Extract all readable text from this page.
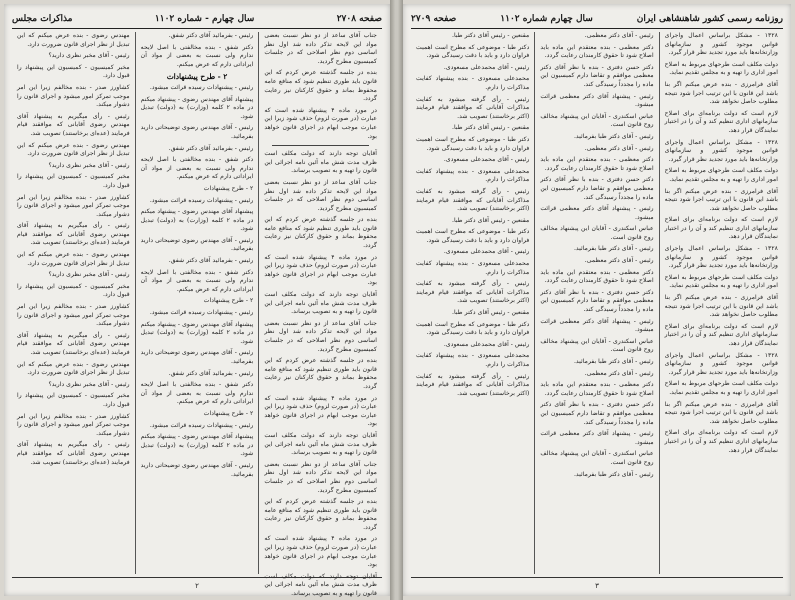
صفحه ۲۷۰۸
سال چهارم - شماره ۱۱۰۲
مذاکرات مجلس

جناب آقای ساعد از دو نظر نسبت بعضی مواد این لایحه تذکر داده شد اول نظر اساسی دوم نظر اصلاحی که در جلسات کمیسیون مطرح گردید.

بنده در جلسه گذشته عرض کردم که این قانون باید طوری تنظیم شود که منافع عامه محفوظ بماند و حقوق کارکنان نیز رعایت گردد.

در مورد ماده ۴ پیشنهاد شده است که عبارت (در صورت لزوم) حذف شود زیرا این عبارت موجب ابهام در اجرای قانون خواهد بود.

آقایان توجه دارند که دولت مکلف است ظرف مدت شش ماه آئین نامه اجرائی این قانون را تهیه و به تصویب برساند.

جناب آقای ساعد از دو نظر نسبت بعضی مواد این لایحه تذکر داده شد اول نظر اساسی دوم نظر اصلاحی که در جلسات کمیسیون مطرح گردید.

بنده در جلسه گذشته عرض کردم که این قانون باید طوری تنظیم شود که منافع عامه محفوظ بماند و حقوق کارکنان نیز رعایت گردد.

در مورد ماده ۴ پیشنهاد شده است که عبارت (در صورت لزوم) حذف شود زیرا این عبارت موجب ابهام در اجرای قانون خواهد بود.

آقایان توجه دارند که دولت مکلف است ظرف مدت شش ماه آئین نامه اجرائی این قانون را تهیه و به تصویب برساند.

جناب آقای ساعد از دو نظر نسبت بعضی مواد این لایحه تذکر داده شد اول نظر اساسی دوم نظر اصلاحی که در جلسات کمیسیون مطرح گردید.

بنده در جلسه گذشته عرض کردم که این قانون باید طوری تنظیم شود که منافع عامه محفوظ بماند و حقوق کارکنان نیز رعایت گردد.

در مورد ماده ۴ پیشنهاد شده است که عبارت (در صورت لزوم) حذف شود زیرا این عبارت موجب ابهام در اجرای قانون خواهد بود.

آقایان توجه دارند که دولت مکلف است ظرف مدت شش ماه آئین نامه اجرائی این قانون را تهیه و به تصویب برساند.

جناب آقای ساعد از دو نظر نسبت بعضی مواد این لایحه تذکر داده شد اول نظر اساسی دوم نظر اصلاحی که در جلسات کمیسیون مطرح گردید.

بنده در جلسه گذشته عرض کردم که این قانون باید طوری تنظیم شود که منافع عامه محفوظ بماند و حقوق کارکنان نیز رعایت گردد.

در مورد ماده ۴ پیشنهاد شده است که عبارت (در صورت لزوم) حذف شود زیرا این عبارت موجب ابهام در اجرای قانون خواهد بود.

آقایان توجه دارند که دولت مکلف است ظرف مدت شش ماه آئین نامه اجرائی این قانون را تهیه و به تصویب برساند.

رئیس - بفرمائید آقای دکتر شفق.

دکتر شفق - بنده مخالفتی با اصل لایحه ندارم ولی نسبت به بعضی از مواد آن ایراداتی دارم که عرض میکنم.

۲ - طرح پیشنهادات

رئیس - پیشنهادات رسیده قرائت میشود.

پیشنهاد آقای مهندس رضوی - پیشنهاد میکنم در ماده ۲ کلمه (وزارت) به (دولت) تبدیل شود.

رئیس - آقای مهندس رضوی توضیحاتی دارید بفرمائید.

رئیس - بفرمائید آقای دکتر شفق.

دکتر شفق - بنده مخالفتی با اصل لایحه ندارم ولی نسبت به بعضی از مواد آن ایراداتی دارم که عرض میکنم.

۲ - طرح پیشنهادات

رئیس - پیشنهادات رسیده قرائت میشود.

پیشنهاد آقای مهندس رضوی - پیشنهاد میکنم در ماده ۲ کلمه (وزارت) به (دولت) تبدیل شود.

رئیس - آقای مهندس رضوی توضیحاتی دارید بفرمائید.

رئیس - بفرمائید آقای دکتر شفق.

دکتر شفق - بنده مخالفتی با اصل لایحه ندارم ولی نسبت به بعضی از مواد آن ایراداتی دارم که عرض میکنم.

۲ - طرح پیشنهادات

رئیس - پیشنهادات رسیده قرائت میشود.

پیشنهاد آقای مهندس رضوی - پیشنهاد میکنم در ماده ۲ کلمه (وزارت) به (دولت) تبدیل شود.

رئیس - آقای مهندس رضوی توضیحاتی دارید بفرمائید.

رئیس - بفرمائید آقای دکتر شفق.

دکتر شفق - بنده مخالفتی با اصل لایحه ندارم ولی نسبت به بعضی از مواد آن ایراداتی دارم که عرض میکنم.

۲ - طرح پیشنهادات

رئیس - پیشنهادات رسیده قرائت میشود.

پیشنهاد آقای مهندس رضوی - پیشنهاد میکنم در ماده ۲ کلمه (وزارت) به (دولت) تبدیل شود.

رئیس - آقای مهندس رضوی توضیحاتی دارید بفرمائید.

مهندس رضوی - بنده عرض میکنم که این تبدیل از نظر اجرای قانون ضرورت دارد.

رئیس - آقای مخبر نظری دارید؟

مخبر کمیسیون - کمیسیون این پیشنهاد را قبول دارد.

کشاورز صدر - بنده مخالفم زیرا این امر موجب تمرکز امور میشود و اجرای قانون را دشوار میکند.

رئیس - رأی میگیریم به پیشنهاد آقای مهندس رضوی آقایانی که موافقند قیام فرمایند (عده‌ای برخاستند) تصویب شد.

مهندس رضوی - بنده عرض میکنم که این تبدیل از نظر اجرای قانون ضرورت دارد.

رئیس - آقای مخبر نظری دارید؟

مخبر کمیسیون - کمیسیون این پیشنهاد را قبول دارد.

کشاورز صدر - بنده مخالفم زیرا این امر موجب تمرکز امور میشود و اجرای قانون را دشوار میکند.

رئیس - رأی میگیریم به پیشنهاد آقای مهندس رضوی آقایانی که موافقند قیام فرمایند (عده‌ای برخاستند) تصویب شد.

مهندس رضوی - بنده عرض میکنم که این تبدیل از نظر اجرای قانون ضرورت دارد.

رئیس - آقای مخبر نظری دارید؟

مخبر کمیسیون - کمیسیون این پیشنهاد را قبول دارد.

کشاورز صدر - بنده مخالفم زیرا این امر موجب تمرکز امور میشود و اجرای قانون را دشوار میکند.

رئیس - رأی میگیریم به پیشنهاد آقای مهندس رضوی آقایانی که موافقند قیام فرمایند (عده‌ای برخاستند) تصویب شد.

مهندس رضوی - بنده عرض میکنم که این تبدیل از نظر اجرای قانون ضرورت دارد.

رئیس - آقای مخبر نظری دارید؟

مخبر کمیسیون - کمیسیون این پیشنهاد را قبول دارد.

کشاورز صدر - بنده مخالفم زیرا این امر موجب تمرکز امور میشود و اجرای قانون را دشوار میکند.

رئیس - رأی میگیریم به پیشنهاد آقای مهندس رضوی آقایانی که موافقند قیام فرمایند (عده‌ای برخاستند) تصویب شد.

۲
روزنامه رسمی کشور شاهنشاهی ایران
سال چهارم شماره ۱۱۰۲
صفحه ۲۷۰۹

۱۳۲۸ - مشکل براساس اعمال واجرای قوانین موجود کشور و سازمانهای وزارتخانه‌ها باید مورد تجدید نظر قرار گیرد.

دولت مکلف است طرحهای مربوط به اصلاح امور اداری را تهیه و به مجلس تقدیم نماید.

آقای فرامرزی - بنده عرض میکنم اگر بنا باشد این قانون با این ترتیب اجرا شود نتیجه مطلوب حاصل نخواهد شد.

لازم است که دولت برنامه‌ای برای اصلاح سازمانهای اداری تنظیم کند و آن را در اختیار نمایندگان قرار دهد.

۱۳۲۸ - مشکل براساس اعمال واجرای قوانین موجود کشور و سازمانهای وزارتخانه‌ها باید مورد تجدید نظر قرار گیرد.

دولت مکلف است طرحهای مربوط به اصلاح امور اداری را تهیه و به مجلس تقدیم نماید.

آقای فرامرزی - بنده عرض میکنم اگر بنا باشد این قانون با این ترتیب اجرا شود نتیجه مطلوب حاصل نخواهد شد.

لازم است که دولت برنامه‌ای برای اصلاح سازمانهای اداری تنظیم کند و آن را در اختیار نمایندگان قرار دهد.

۱۳۲۸ - مشکل براساس اعمال واجرای قوانین موجود کشور و سازمانهای وزارتخانه‌ها باید مورد تجدید نظر قرار گیرد.

دولت مکلف است طرحهای مربوط به اصلاح امور اداری را تهیه و به مجلس تقدیم نماید.

آقای فرامرزی - بنده عرض میکنم اگر بنا باشد این قانون با این ترتیب اجرا شود نتیجه مطلوب حاصل نخواهد شد.

لازم است که دولت برنامه‌ای برای اصلاح سازمانهای اداری تنظیم کند و آن را در اختیار نمایندگان قرار دهد.

۱۳۲۸ - مشکل براساس اعمال واجرای قوانین موجود کشور و سازمانهای وزارتخانه‌ها باید مورد تجدید نظر قرار گیرد.

دولت مکلف است طرحهای مربوط به اصلاح امور اداری را تهیه و به مجلس تقدیم نماید.

آقای فرامرزی - بنده عرض میکنم اگر بنا باشد این قانون با این ترتیب اجرا شود نتیجه مطلوب حاصل نخواهد شد.

لازم است که دولت برنامه‌ای برای اصلاح سازمانهای اداری تنظیم کند و آن را در اختیار نمایندگان قرار دهد.

رئیس - آقای دکتر معظمی.

دکتر معظمی - بنده معتقدم این ماده باید اصلاح شود تا حقوق کارمندان رعایت گردد.

دکتر حسن دفتری - بنده با نظر آقای دکتر معظمی موافقم و تقاضا دارم کمیسیون این ماده را مجدداً رسیدگی کند.

رئیس - پیشنهاد آقای دکتر معظمی قرائت میشود.

عباس اسکندری - آقایان این پیشنهاد مخالف روح قانون است.

رئیس - آقای دکتر طبا بفرمائید.

رئیس - آقای دکتر معظمی.

دکتر معظمی - بنده معتقدم این ماده باید اصلاح شود تا حقوق کارمندان رعایت گردد.

دکتر حسن دفتری - بنده با نظر آقای دکتر معظمی موافقم و تقاضا دارم کمیسیون این ماده را مجدداً رسیدگی کند.

رئیس - پیشنهاد آقای دکتر معظمی قرائت میشود.

عباس اسکندری - آقایان این پیشنهاد مخالف روح قانون است.

رئیس - آقای دکتر طبا بفرمائید.

رئیس - آقای دکتر معظمی.

دکتر معظمی - بنده معتقدم این ماده باید اصلاح شود تا حقوق کارمندان رعایت گردد.

دکتر حسن دفتری - بنده با نظر آقای دکتر معظمی موافقم و تقاضا دارم کمیسیون این ماده را مجدداً رسیدگی کند.

رئیس - پیشنهاد آقای دکتر معظمی قرائت میشود.

عباس اسکندری - آقایان این پیشنهاد مخالف روح قانون است.

رئیس - آقای دکتر طبا بفرمائید.

رئیس - آقای دکتر معظمی.

دکتر معظمی - بنده معتقدم این ماده باید اصلاح شود تا حقوق کارمندان رعایت گردد.

دکتر حسن دفتری - بنده با نظر آقای دکتر معظمی موافقم و تقاضا دارم کمیسیون این ماده را مجدداً رسیدگی کند.

رئیس - پیشنهاد آقای دکتر معظمی قرائت میشود.

عباس اسکندری - آقایان این پیشنهاد مخالف روح قانون است.

رئیس - آقای دکتر طبا بفرمائید.

مقنعین - رئیس آقای دکتر طبا.

دکتر طبا - موضوعی که مطرح است اهمیت فراوان دارد و باید با دقت رسیدگی شود.

رئیس - آقای محمدعلی مسعودی.

محمدعلی مسعودی - بنده پیشنهاد کفایت مذاکرات را دارم.

رئیس - رأی گرفته میشود به کفایت مذاکرات آقایانی که موافقند قیام فرمایند (اکثر برخاستند) تصویب شد.

مقنعین - رئیس آقای دکتر طبا.

دکتر طبا - موضوعی که مطرح است اهمیت فراوان دارد و باید با دقت رسیدگی شود.

رئیس - آقای محمدعلی مسعودی.

محمدعلی مسعودی - بنده پیشنهاد کفایت مذاکرات را دارم.

رئیس - رأی گرفته میشود به کفایت مذاکرات آقایانی که موافقند قیام فرمایند (اکثر برخاستند) تصویب شد.

مقنعین - رئیس آقای دکتر طبا.

دکتر طبا - موضوعی که مطرح است اهمیت فراوان دارد و باید با دقت رسیدگی شود.

رئیس - آقای محمدعلی مسعودی.

محمدعلی مسعودی - بنده پیشنهاد کفایت مذاکرات را دارم.

رئیس - رأی گرفته میشود به کفایت مذاکرات آقایانی که موافقند قیام فرمایند (اکثر برخاستند) تصویب شد.

مقنعین - رئیس آقای دکتر طبا.

دکتر طبا - موضوعی که مطرح است اهمیت فراوان دارد و باید با دقت رسیدگی شود.

رئیس - آقای محمدعلی مسعودی.

محمدعلی مسعودی - بنده پیشنهاد کفایت مذاکرات را دارم.

رئیس - رأی گرفته میشود به کفایت مذاکرات آقایانی که موافقند قیام فرمایند (اکثر برخاستند) تصویب شد.

۳
